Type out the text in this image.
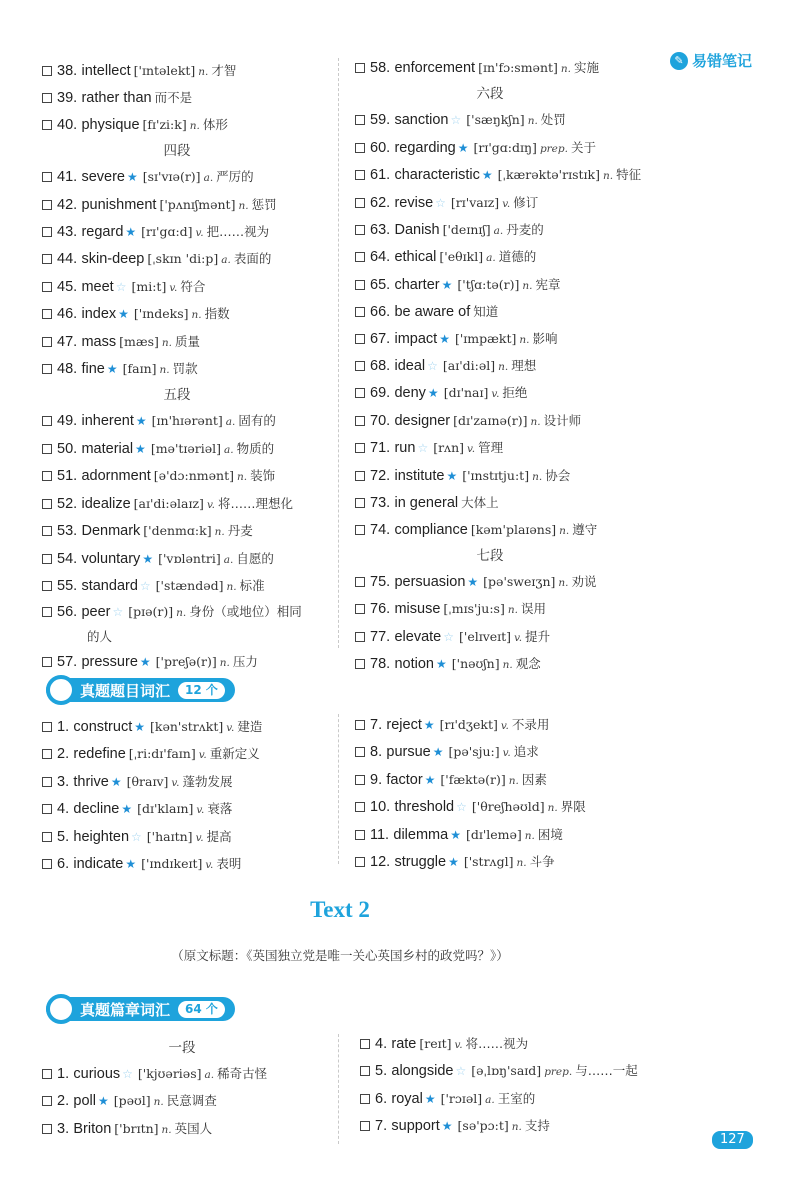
✎ 易错笔记
38. intellect ['ɪntəlekt] n. 才智
39. rather than 而不是
40. physique [fɪ'zi:k] n. 体形
四段
41. severe ★ [sɪ'vɪə(r)] a. 严厉的
42. punishment ['pʌnɪʃmənt] n. 惩罚
43. regard ★ [rɪ'gɑ:d] v. 把……视为
44. skin-deep [ˌskɪn 'di:p] a. 表面的
45. meet ☆ [mi:t] v. 符合
46. index ★ ['ɪndeks] n. 指数
47. mass [mæs] n. 质量
48. fine ★ [faɪn] n. 罚款
五段
49. inherent ★ [ɪn'hɪərənt] a. 固有的
50. material ★ [mə'tɪəriəl] a. 物质的
51. adornment [ə'dɔ:nmənt] n. 装饰
52. idealize [aɪ'di:əlaɪz] v. 将……理想化
53. Denmark ['denmɑ:k] n. 丹麦
54. voluntary ★ ['vɒləntri] a. 自愿的
55. standard ☆ ['stændəd] n. 标准
56. peer ☆ [pɪə(r)] n. 身份（或地位）相同
的人
57. pressure ★ ['preʃə(r)] n. 压力
58. enforcement [ɪn'fɔ:smənt] n. 实施
六段
59. sanction ☆ ['sæŋkʃn] n. 处罚
60. regarding ★ [rɪ'gɑ:dɪŋ] prep. 关于
61. characteristic ★ [ˌkærəktə'rɪstɪk] n. 特征
62. revise ☆ [rɪ'vaɪz] v. 修订
63. Danish ['deɪnɪʃ] a. 丹麦的
64. ethical ['eθɪkl] a. 道德的
65. charter ★ ['tʃɑ:tə(r)] n. 宪章
66. be aware of 知道
67. impact ★ ['ɪmpækt] n. 影响
68. ideal ☆ [aɪ'di:əl] n. 理想
69. deny ★ [dɪ'naɪ] v. 拒绝
70. designer [dɪ'zaɪnə(r)] n. 设计师
71. run ☆ [rʌn] v. 管理
72. institute ★ ['ɪnstɪtju:t] n. 协会
73. in general 大体上
74. compliance [kəm'plaɪəns] n. 遵守
七段
75. persuasion ★ [pə'sweɪʒn] n. 劝说
76. misuse [ˌmɪs'ju:s] n. 误用
77. elevate ☆ ['elɪveɪt] v. 提升
78. notion ★ ['nəʊʃn] n. 观念
真题题目词汇	12 个
1. construct ★ [kən'strʌkt] v. 建造
2. redefine [ˌri:dɪ'faɪn] v. 重新定义
3. thrive ★ [θraɪv] v. 蓬勃发展
4. decline ★ [dɪ'klaɪn] v. 衰落
5. heighten ☆ ['haɪtn] v. 提高
6. indicate ★ ['ɪndɪkeɪt] v. 表明
7. reject ★ [rɪ'dʒekt] v. 不录用
8. pursue ★ [pə'sju:] v. 追求
9. factor ★ ['fæktə(r)] n. 因素
10. threshold ☆ ['θreʃhəʊld] n. 界限
11. dilemma ★ [dɪ'lemə] n. 困境
12. struggle ★ ['strʌgl] n. 斗争
Text 2
（原文标题：《英国独立党是唯一关心英国乡村的政党吗？》）
真题篇章词汇	64 个
一段
1. curious ☆ ['kjʊəriəs] a. 稀奇古怪
2. poll ★ [pəʊl] n. 民意调查
3. Briton ['brɪtn] n. 英国人
4. rate [reɪt] v. 将……视为
5. alongside ☆ [əˌlɒŋ'saɪd] prep. 与……一起
6. royal ★ ['rɔɪəl] a. 王室的
7. support ★ [sə'pɔ:t] n. 支持
127
